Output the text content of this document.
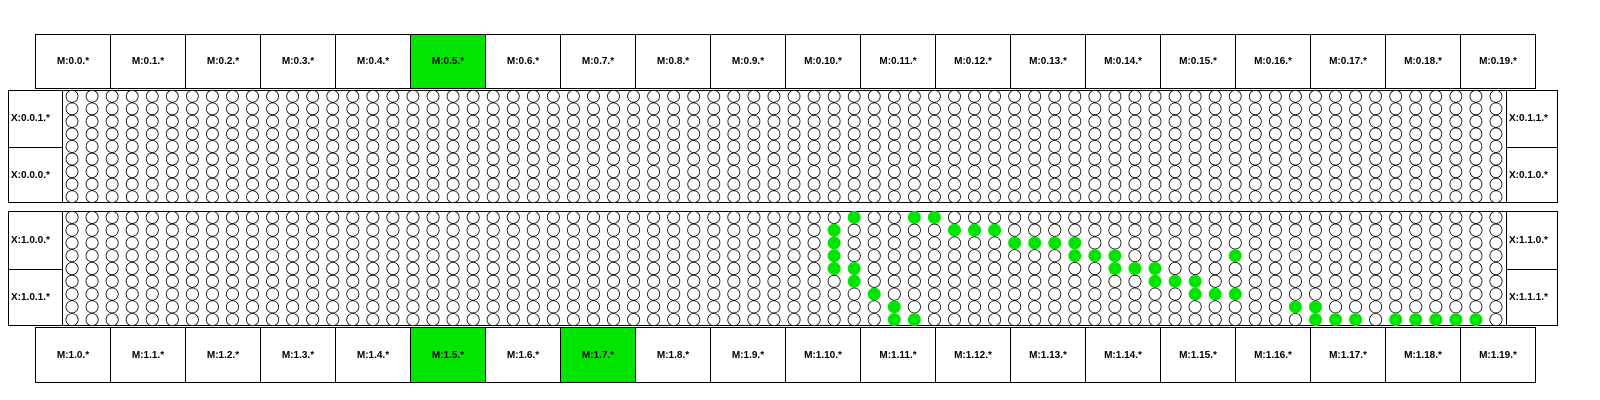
M:0.0.*	M:0.1.*	M:0.2.*	M:0.3.*	M:0.4.*	M:0.5.*	M:0.6.*	M:0.7.*	M:0.8.*	M:0.9.*	M:0.10.*	M:0.11.*	M:0.12.*	M:0.13.*	M:0.14.*	M:0.15.*	M:0.16.*	M:0.17.*	M:0.18.*	M:0.19.*
X:0.0.1.*
X:0.0.0.*
X:0.1.1.*
X:0.1.0.*
X:1.0.0.*
X:1.0.1.*
X:1.1.0.*
X:1.1.1.*
M:1.0.*	M:1.1.*	M:1.2.*	M:1.3.*	M:1.4.*	M:1.5.*	M:1.6.*	M:1.7.*	M:1.8.*	M:1.9.*	M:1.10.*	M:1.11.*	M:1.12.*	M:1.13.*	M:1.14.*	M:1.15.*	M:1.16.*	M:1.17.*	M:1.18.*	M:1.19.*
